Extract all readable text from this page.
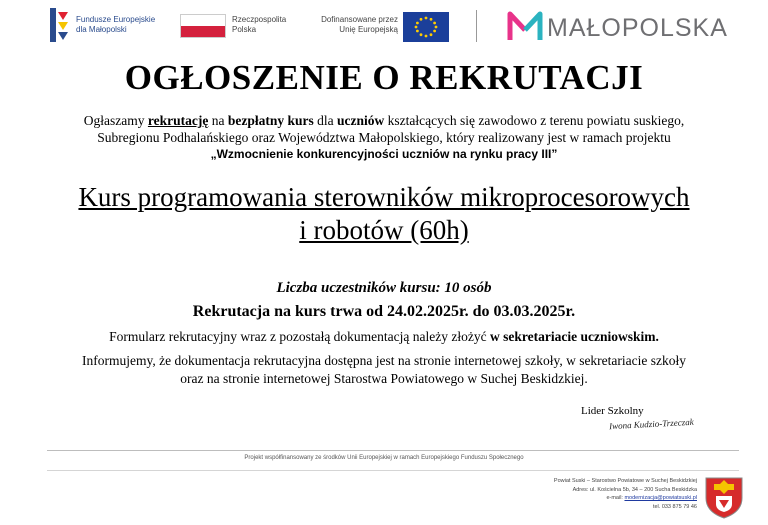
Fundusze Europejskie
dla Małopolski
Rzeczpospolita
Polska
Dofinansowane przez
Unię Europejską	MAŁOPOLSKA
OGŁOSZENIE O REKRUTACJI
Ogłaszamy rekrutację na bezpłatny kurs dla uczniów kształcących się zawodowo z terenu powiatu suskiego,
Subregionu Podhalańskiego oraz Województwa Małopolskiego, który realizowany jest w ramach projektu
„Wzmocnienie konkurencyjności uczniów na rynku pracy III”
Kurs programowania sterowników mikroprocesorowych
i robotów (60h)
Liczba uczestników kursu: 10 osób
Rekrutacja na kurs trwa od 24.02.2025r. do 03.03.2025r.
Formularz rekrutacyjny wraz z pozostałą dokumentacją należy złożyć w sekretariacie uczniowskim.
Informujemy, że dokumentacja rekrutacyjna dostępna jest na stronie internetowej szkoły, w sekretariacie szkoły
oraz na stronie internetowej Starostwa Powiatowego w Suchej Beskidzkiej.
Lider Szkolny
Iwona Kudzio-Trzeczak
Projekt współfinansowany ze środków Unii Europejskiej w ramach Europejskiego Funduszu Społecznego
Powiat Suski – Starostwo Powiatowe w Suchej Beskidzkiej
Adres: ul. Kościelna 5b, 34 – 200 Sucha Beskidzka
e-mail: modernizacja@powiatsuski.pl
tel. 033 875 79 46
